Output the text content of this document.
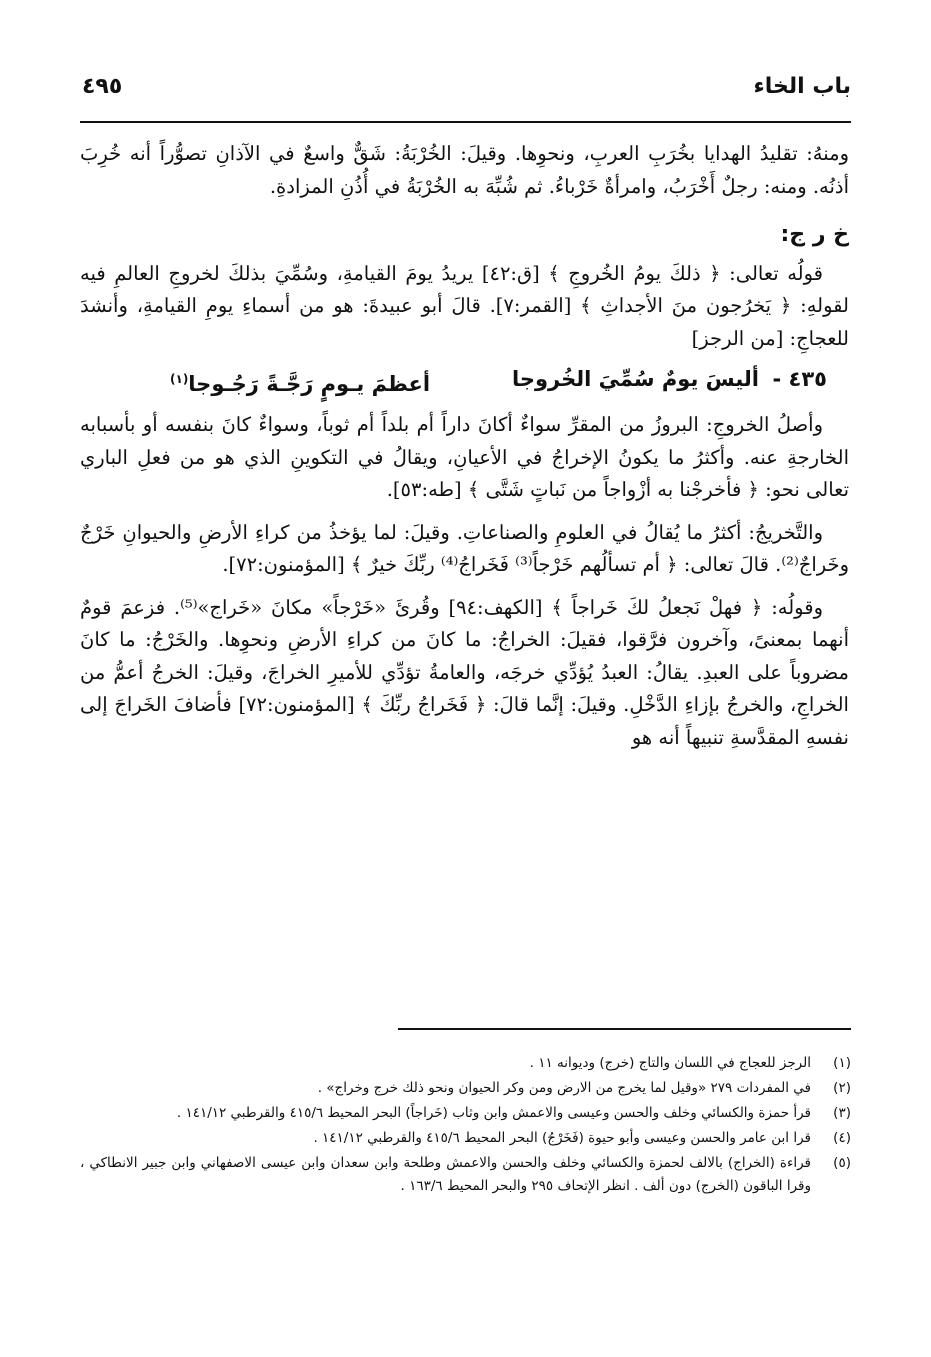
باب الخاء
٤٩٥

ومنهُ: تقليدُ الهدايا بخُرَبِ العربِ، ونحوِها. وقيلَ: الخُرْبَةُ: شَقٌّ واسعٌ في الآذانِ تصوُّراً أنه خُرِبَ أذنُه. ومنه: رجلٌ أَخْرَبُ، وامرأةٌ خَرْباءُ. ثم شُبِّهَ به الخُرْبَةُ في أُذُنِ المزادةِ.

خ ر ج:

قولُه تعالى: ﴿ ذلكَ يومُ الخُروجِ ﴾ [ق:٤٢] يريدُ يومَ القيامةِ، وسُمِّيَ بذلكَ لخروجِ العالمِ فيه لقولهِ: ﴿ يَخرُجون منَ الأجداثِ ﴾ [القمر:٧]. قالَ أبو عبيدةَ: هو من أسماءِ يومِ القيامةِ، وأنشدَ للعجاجِ: [من الرجز]

٤٣٥ -
أليسَ يومٌ سُمِّيَ الخُروجا
أعظمَ يـومٍ رَجَّـةً رَجُـوجا$^{(١)}$

وأصلُ الخروجِ: البروزُ من المقرِّ سواءٌ أكانَ داراً أم بلداً أم ثوباً، وسواءٌ كانَ بنفسه أو بأسبابه الخارجةِ عنه. وأكثرُ ما يكونُ الإخراجُ في الأعيانِ، ويقالُ في التكوينِ الذي هو من فعلِ الباري تعالى نحو: ﴿ فأخرجْنا به أزْواجاً من نَباتٍ شَتَّى ﴾ [طه:٥٣].

والتَّخريجُ: أكثرُ ما يُقالُ في العلومِ والصناعاتِ. وقيلَ: لما يؤخذُ من كراءِ الأرضِ والحيوانِ خَرْجٌ وخَراجٌ⁽²⁾. قالَ تعالى: ﴿ أم تسألُهم خَرْجاً⁽³⁾ فَخَراجُ⁽⁴⁾ ربِّكَ خيرٌ ﴾ [المؤمنون:٧٢].

وقولُه: ﴿ فهلْ نَجعلُ لكَ خَراجاً ﴾ [الكهف:٩٤] وقُرئَ «خَرْجاً» مكانَ «خَراج»⁽⁵⁾. فزعمَ قومٌ أنهما بمعنىً، وآخرون فرَّقوا، فقيلَ: الخراجُ: ما كانَ من كراءِ الأرضِ ونحوِها. والخَرْجُ: ما كانَ مضروباً على العبدِ. يقالُ: العبدُ يُؤدِّي خرجَه، والعامةُ تؤدِّي للأميرِ الخراجَ، وقيلَ: الخرجُ أعمُّ من الخراجِ، والخرجُ بإزاءِ الدَّخْلِ. وقيلَ: إنَّما قالَ: ﴿ فَخَراجُ ربِّكَ ﴾ [المؤمنون:٧٢] فأضافَ الخَراجَ إلى نفسهِ المقدَّسةِ تنبيهاً أنه هو

(١)
الرجز للعجاج في اللسان والتاج (خرج) وديوانه ١١ .
(٢)
في المفردات ٢٧٩ «وقيل لما يخرج من الارض ومن وكر الحيوان ونحو ذلك خرج وخراج» .
(٣)
قرأ حمزة والكسائي وخلف والحسن وعيسى والاعمش وابن وثاب (خَراجاً) البحر المحيط ٤١٥/٦ والقرطبي ١٤١/١٢ .
(٤)
قرا ابن عامر والحسن وعيسى وأبو حيوة (فَخَرْجُ) البحر المحيط ٤١٥/٦ والقرطبي ١٤١/١٢ .
(٥)
قراءة (الخراج) بالالف لحمزة والكسائي وخلف والحسن والاعمش وطلحة وابن سعدان وابن عيسى الاصفهاني وابن جبير الانطاكي ، وقرا الباقون (الخرج) دون ألف . انظر الإتحاف ٢٩٥ والبحر المحيط ١٦٣/٦ .
